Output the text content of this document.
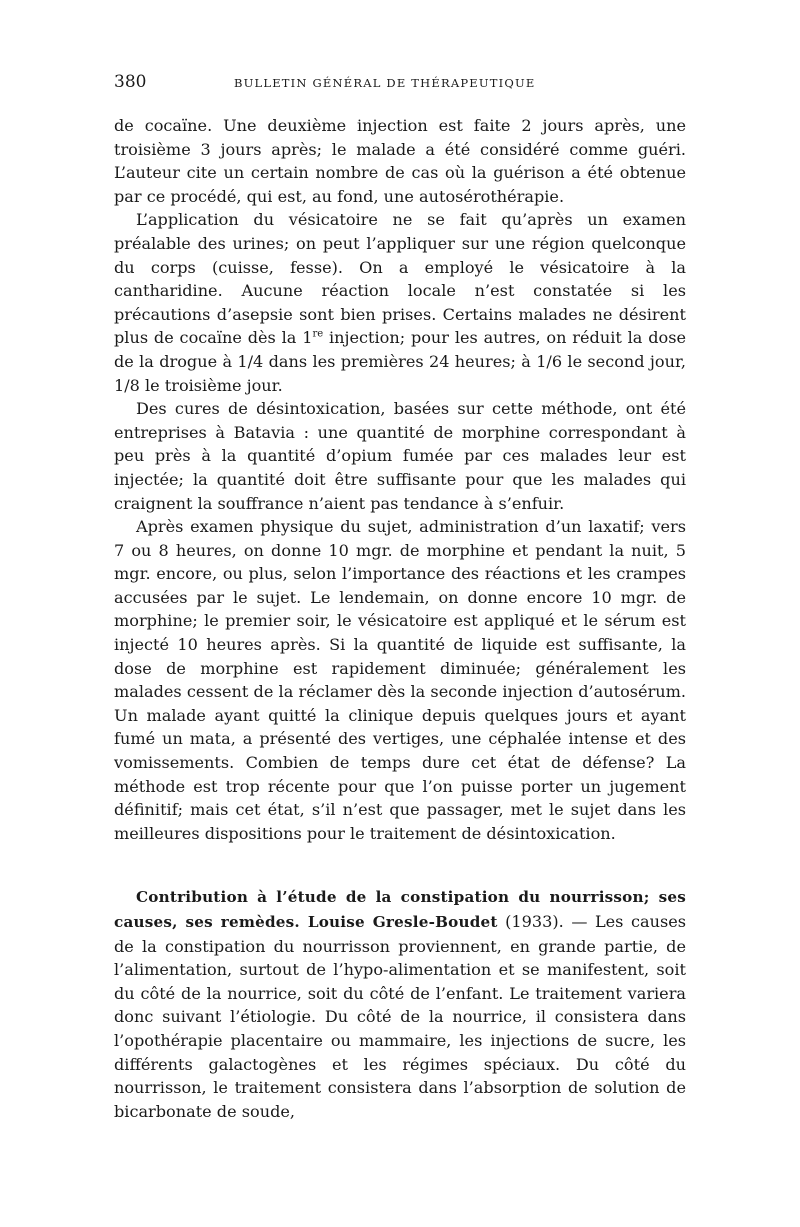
380	BULLETIN GÉNÉRAL DE THÉRAPEUTIQUE

de cocaïne. Une deuxième injection est faite 2 jours après, une troisième 3 jours après; le malade a été considéré comme guéri. L’auteur cite un certain nombre de cas où la guérison a été obtenue par ce procédé, qui est, au fond, une autosérothérapie.

L’application du vésicatoire ne se fait qu’après un examen préalable des urines; on peut l’appliquer sur une région quelconque du corps (cuisse, fesse). On a employé le vésicatoire à la cantharidine. Aucune réaction locale n’est constatée si les précautions d’asepsie sont bien prises. Certains malades ne désirent plus de cocaïne dès la 1re injection; pour les autres, on réduit la dose de la drogue à 1/4 dans les premières 24 heures; à 1/6 le second jour, 1/8 le troisième jour.

Des cures de désintoxication, basées sur cette méthode, ont été entreprises à Batavia : une quantité de morphine correspondant à peu près à la quantité d’opium fumée par ces malades leur est injectée; la quantité doit être suffisante pour que les malades qui craignent la souffrance n’aient pas tendance à s’enfuir.

Après examen physique du sujet, administration d’un laxatif; vers 7 ou 8 heures, on donne 10 mgr. de morphine et pendant la nuit, 5 mgr. encore, ou plus, selon l’importance des réactions et les crampes accusées par le sujet. Le lendemain, on donne encore 10 mgr. de morphine; le premier soir, le vésicatoire est appliqué et le sérum est injecté 10 heures après. Si la quantité de liquide est suffisante, la dose de morphine est rapidement diminuée; généralement les malades cessent de la réclamer dès la seconde injection d’autosérum. Un malade ayant quitté la clinique depuis quelques jours et ayant fumé un mata, a présenté des vertiges, une céphalée intense et des vomissements. Combien de temps dure cet état de défense? La méthode est trop récente pour que l’on puisse porter un jugement définitif; mais cet état, s’il n’est que passager, met le sujet dans les meilleures dispositions pour le traitement de désintoxication.

Contribution à l’étude de la constipation du nourrisson; ses causes, ses remèdes. Louise Gresle-Boudet (1933). — Les causes de la constipation du nourrisson proviennent, en grande partie, de l’alimentation, surtout de l’hypo-alimentation et se manifestent, soit du côté de la nourrice, soit du côté de l’enfant. Le traitement variera donc suivant l’étiologie. Du côté de la nourrice, il consistera dans l’opothérapie placentaire ou mammaire, les injections de sucre, les différents galactogènes et les régimes spéciaux. Du côté du nourrisson, le traitement consistera dans l’absorption de solution de bicarbonate de soude,
